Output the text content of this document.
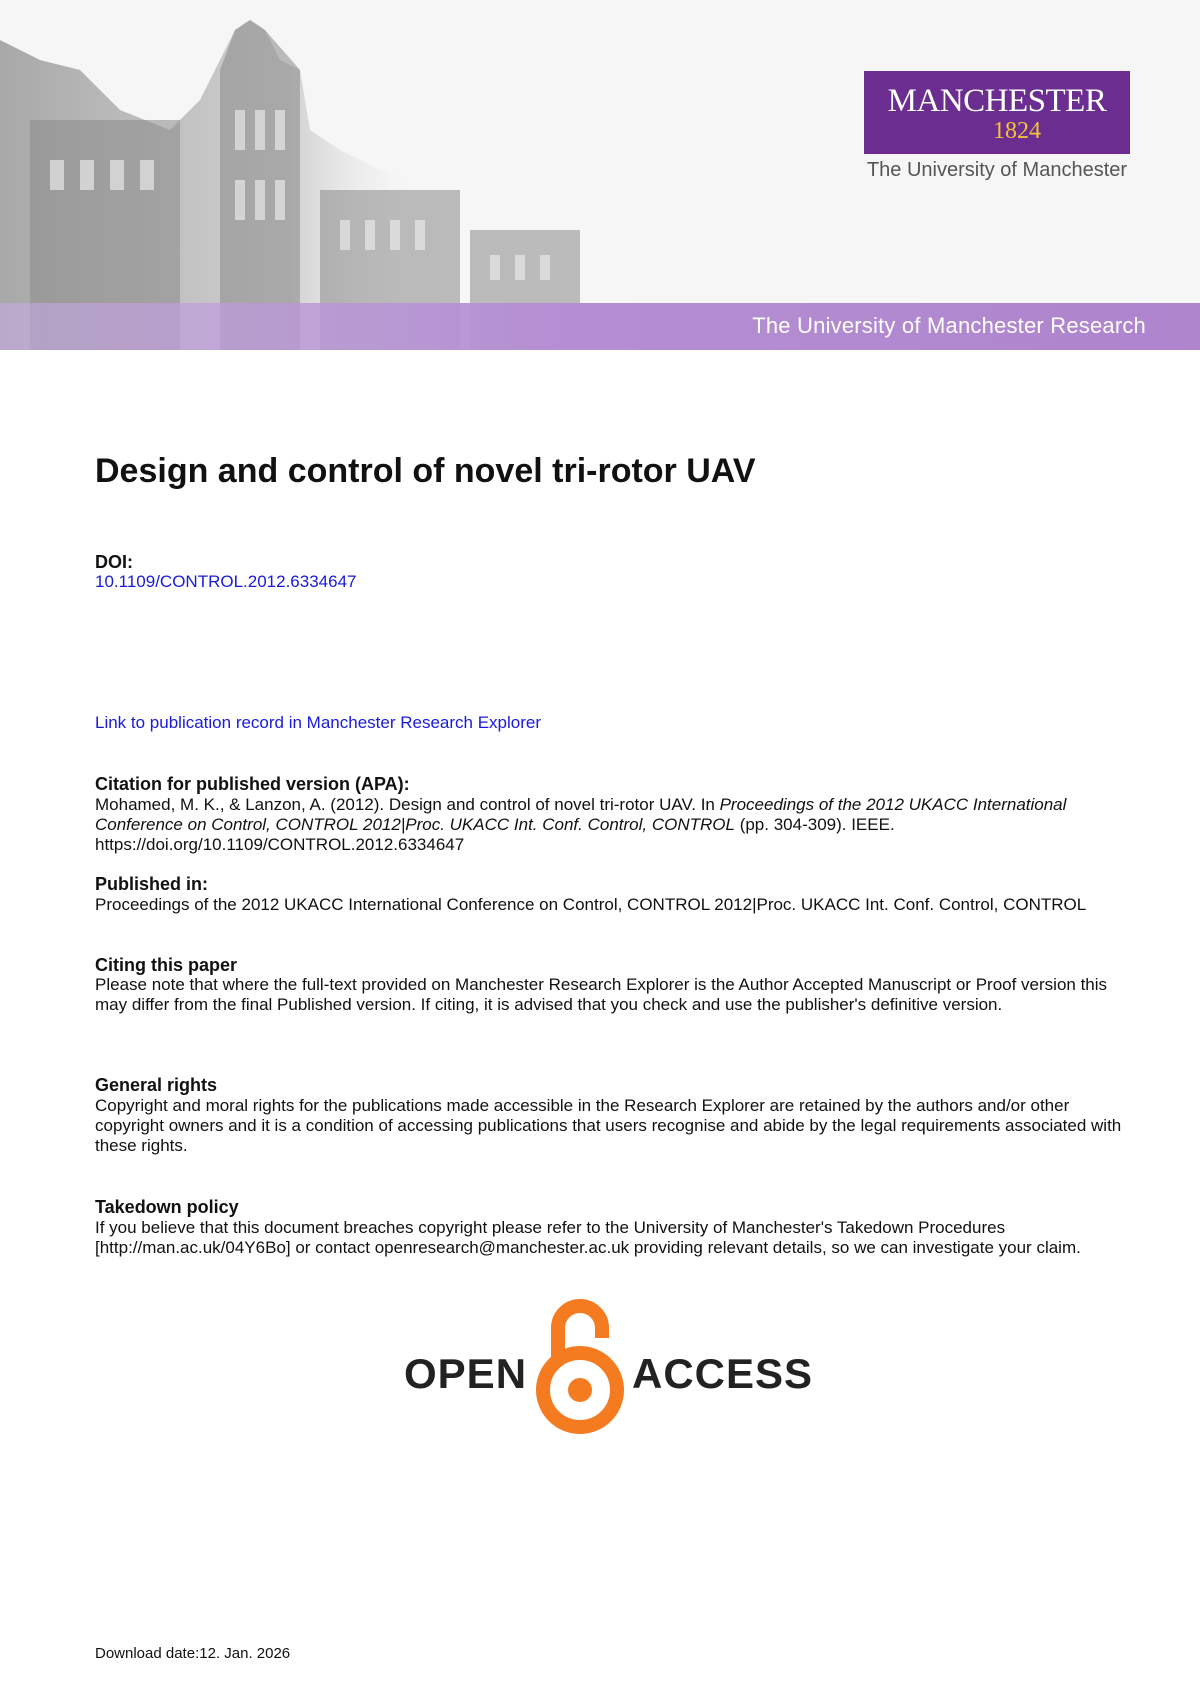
The University of Manchester Research
MANCHESTER
1824
The University of Manchester
Design and control of novel tri-rotor UAV
DOI:
10.1109/CONTROL.2012.6334647
Link to publication record in Manchester Research Explorer
Citation for published version (APA):
Mohamed, M. K., & Lanzon, A. (2012). Design and control of novel tri-rotor UAV. In Proceedings of the 2012 UKACC International Conference on Control, CONTROL 2012|Proc. UKACC Int. Conf. Control, CONTROL (pp. 304-309). IEEE. https://doi.org/10.1109/CONTROL.2012.6334647
Published in:
Proceedings of the 2012 UKACC International Conference on Control, CONTROL 2012|Proc. UKACC Int. Conf. Control, CONTROL
Citing this paper
Please note that where the full-text provided on Manchester Research Explorer is the Author Accepted Manuscript or Proof version this may differ from the final Published version. If citing, it is advised that you check and use the publisher's definitive version.
General rights
Copyright and moral rights for the publications made accessible in the Research Explorer are retained by the authors and/or other copyright owners and it is a condition of accessing publications that users recognise and abide by the legal requirements associated with these rights.
Takedown policy
If you believe that this document breaches copyright please refer to the University of Manchester's Takedown Procedures [http://man.ac.uk/04Y6Bo] or contact openresearch@manchester.ac.uk providing relevant details, so we can investigate your claim.
OPEN ACCESS
Download date:12. Jan. 2026
